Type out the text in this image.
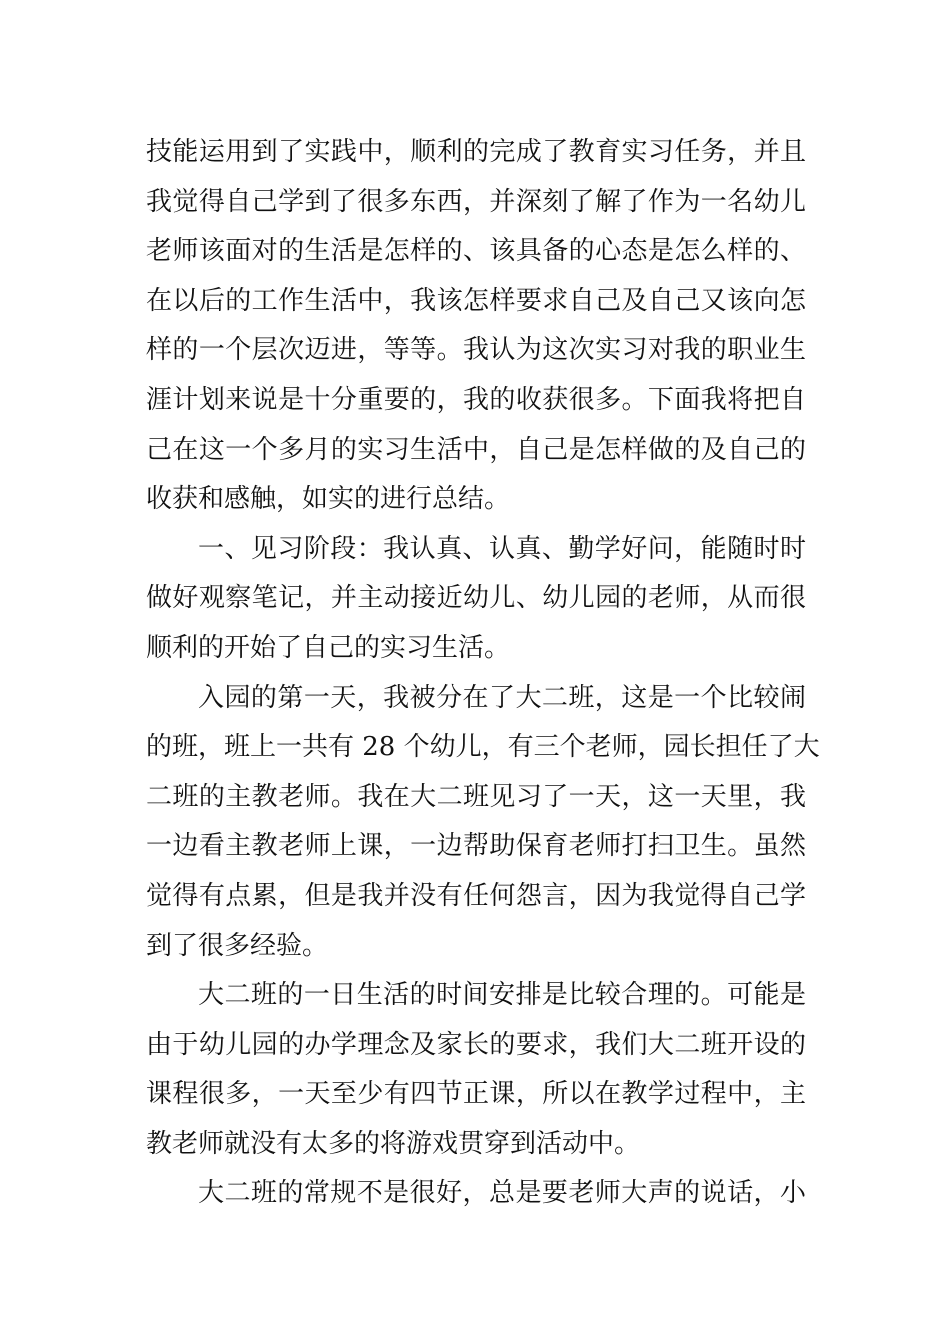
技能运用到了实践中，顺利的完成了教育实习任务，并且
我觉得自己学到了很多东西，并深刻了解了作为一名幼儿
老师该面对的生活是怎样的、该具备的心态是怎么样的、
在以后的工作生活中，我该怎样要求自己及自己又该向怎
样的一个层次迈进，等等。我认为这次实习对我的职业生
涯计划来说是十分重要的，我的收获很多。下面我将把自
己在这一个多月的实习生活中，自己是怎样做的及自己的
收获和感触，如实的进行总结。
一、见习阶段：我认真、认真、勤学好问，能随时时
做好观察笔记，并主动接近幼儿、幼儿园的老师，从而很
顺利的开始了自己的实习生活。
入园的第一天，我被分在了大二班，这是一个比较闹
的班，班上一共有 28 个幼儿，有三个老师，园长担任了大
二班的主教老师。我在大二班见习了一天，这一天里，我
一边看主教老师上课，一边帮助保育老师打扫卫生。虽然
觉得有点累，但是我并没有任何怨言，因为我觉得自己学
到了很多经验。
大二班的一日生活的时间安排是比较合理的。可能是
由于幼儿园的办学理念及家长的要求，我们大二班开设的
课程很多，一天至少有四节正课，所以在教学过程中，主
教老师就没有太多的将游戏贯穿到活动中。
大二班的常规不是很好，总是要老师大声的说话，小
